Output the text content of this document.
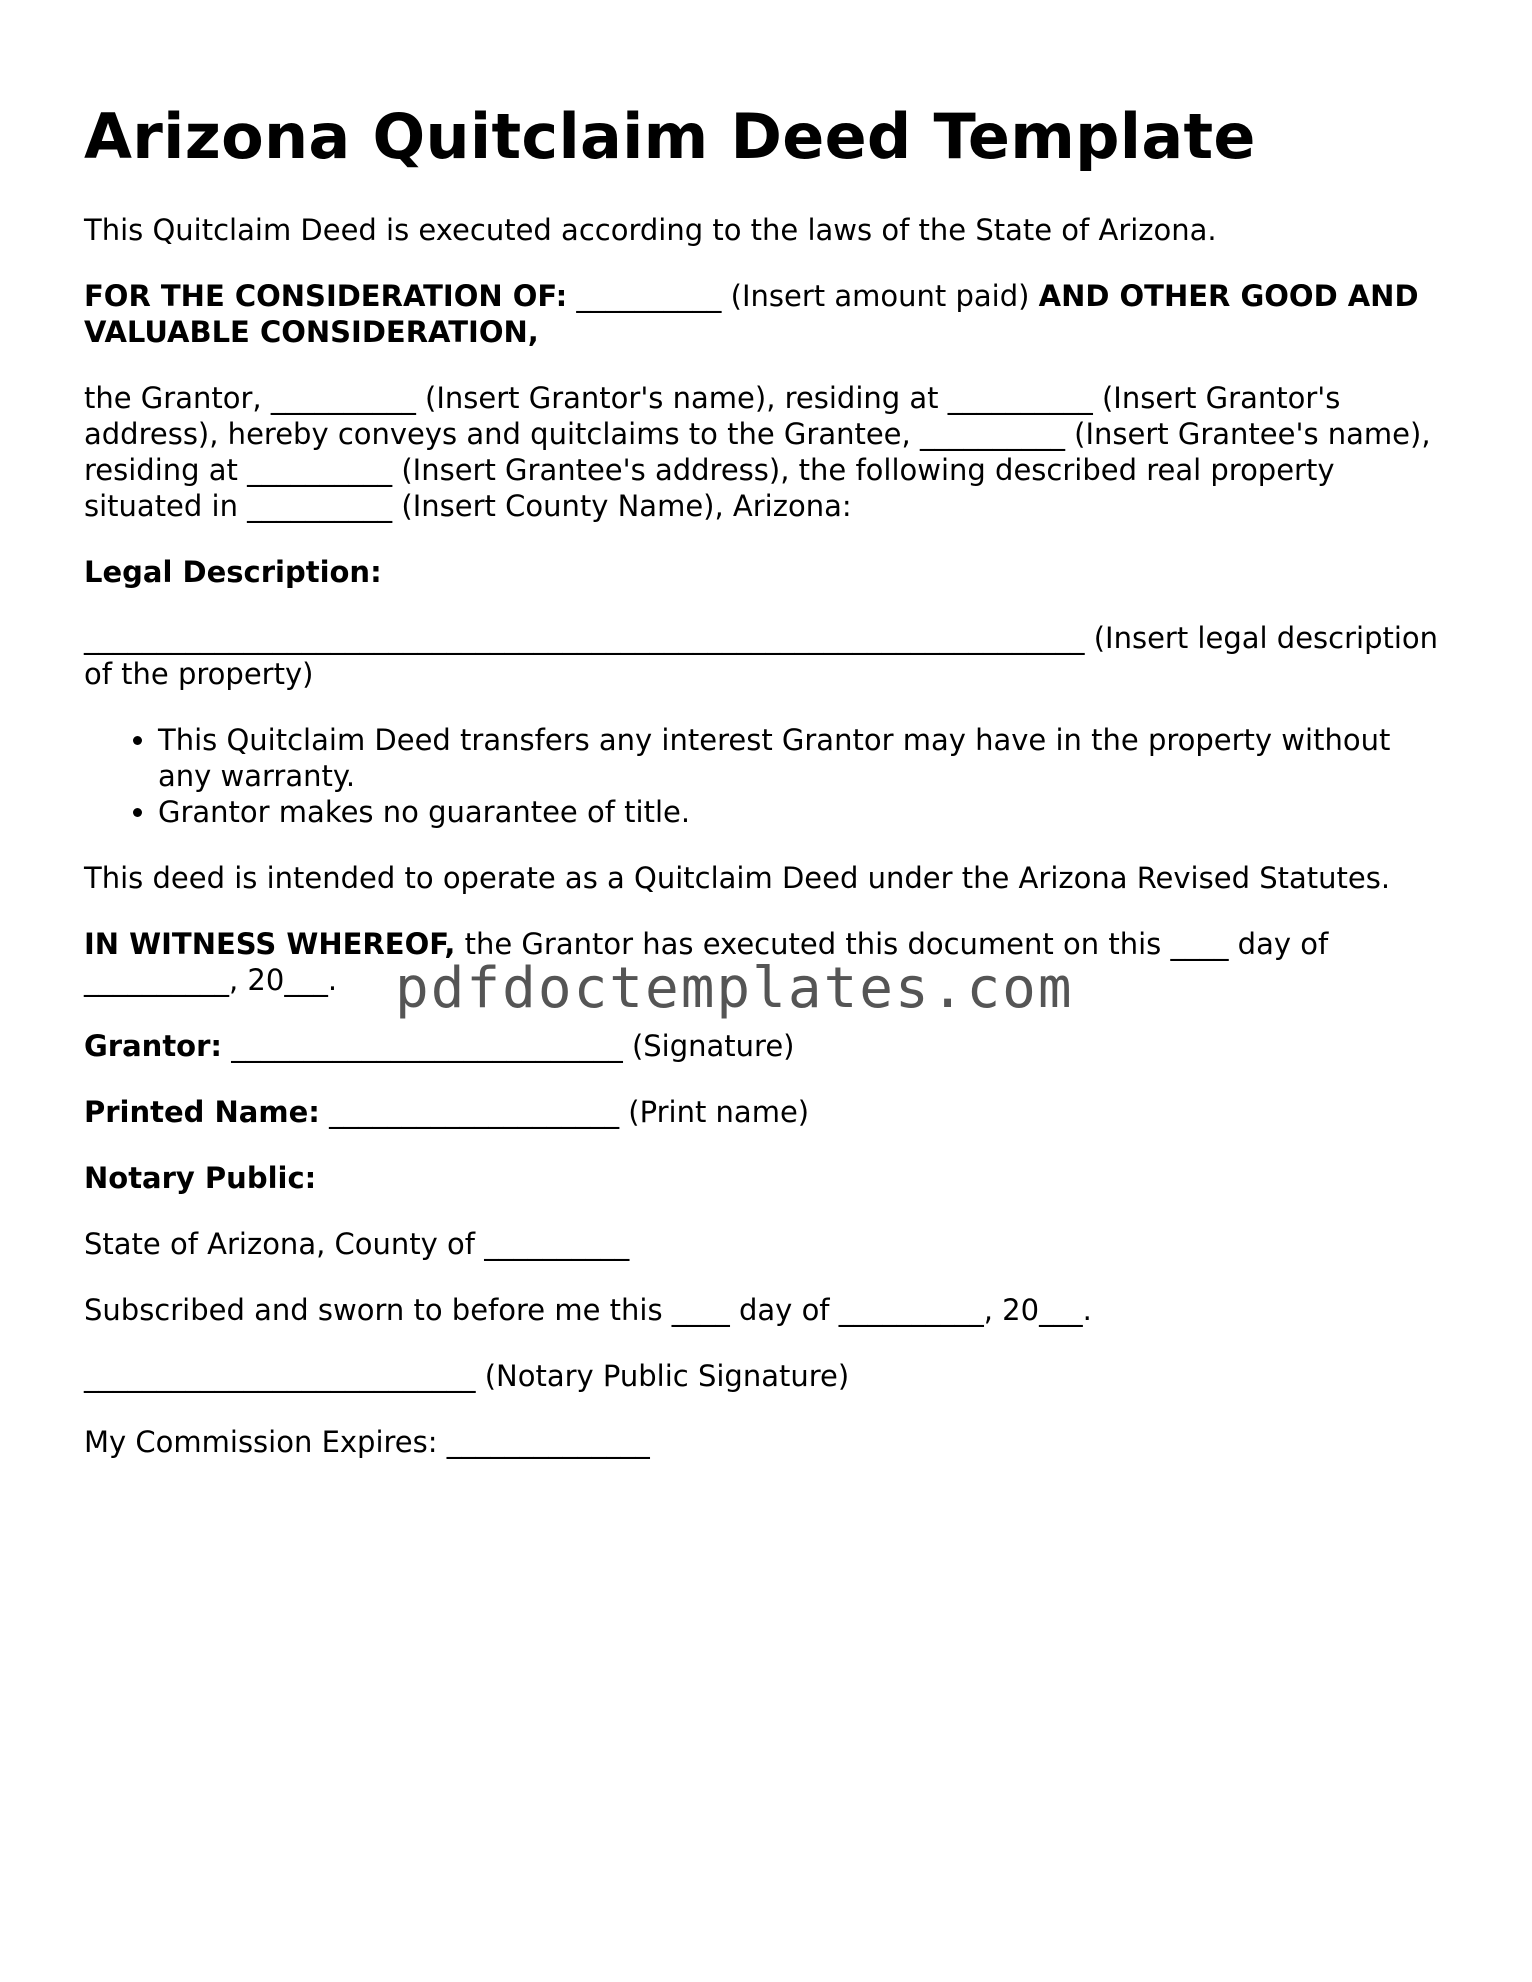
Arizona Quitclaim Deed Template

This Quitclaim Deed is executed according to the laws of the State of Arizona.

FOR THE CONSIDERATION OF: __________ (Insert amount paid) AND OTHER GOOD AND VALUABLE CONSIDERATION,

the Grantor, __________ (Insert Grantor's name), residing at __________ (Insert Grantor's address), hereby conveys and quitclaims to the Grantee, __________ (Insert Grantee's name), residing at __________ (Insert Grantee's address), the following described real property situated in __________ (Insert County Name), Arizona:

Legal Description:

_____________________________________________________________________ (Insert legal description of the property)

• This Quitclaim Deed transfers any interest Grantor may have in the property without any warranty.
• Grantor makes no guarantee of title.

This deed is intended to operate as a Quitclaim Deed under the Arizona Revised Statutes.

IN WITNESS WHEREOF, the Grantor has executed this document on this ____ day of __________, 20___.

Grantor: ___________________________ (Signature)

Printed Name: ____________________ (Print name)

Notary Public:

State of Arizona, County of __________

Subscribed and sworn to before me this ____ day of __________, 20___.

___________________________ (Notary Public Signature)

My Commission Expires: ______________

pdfdoctemplates.com
